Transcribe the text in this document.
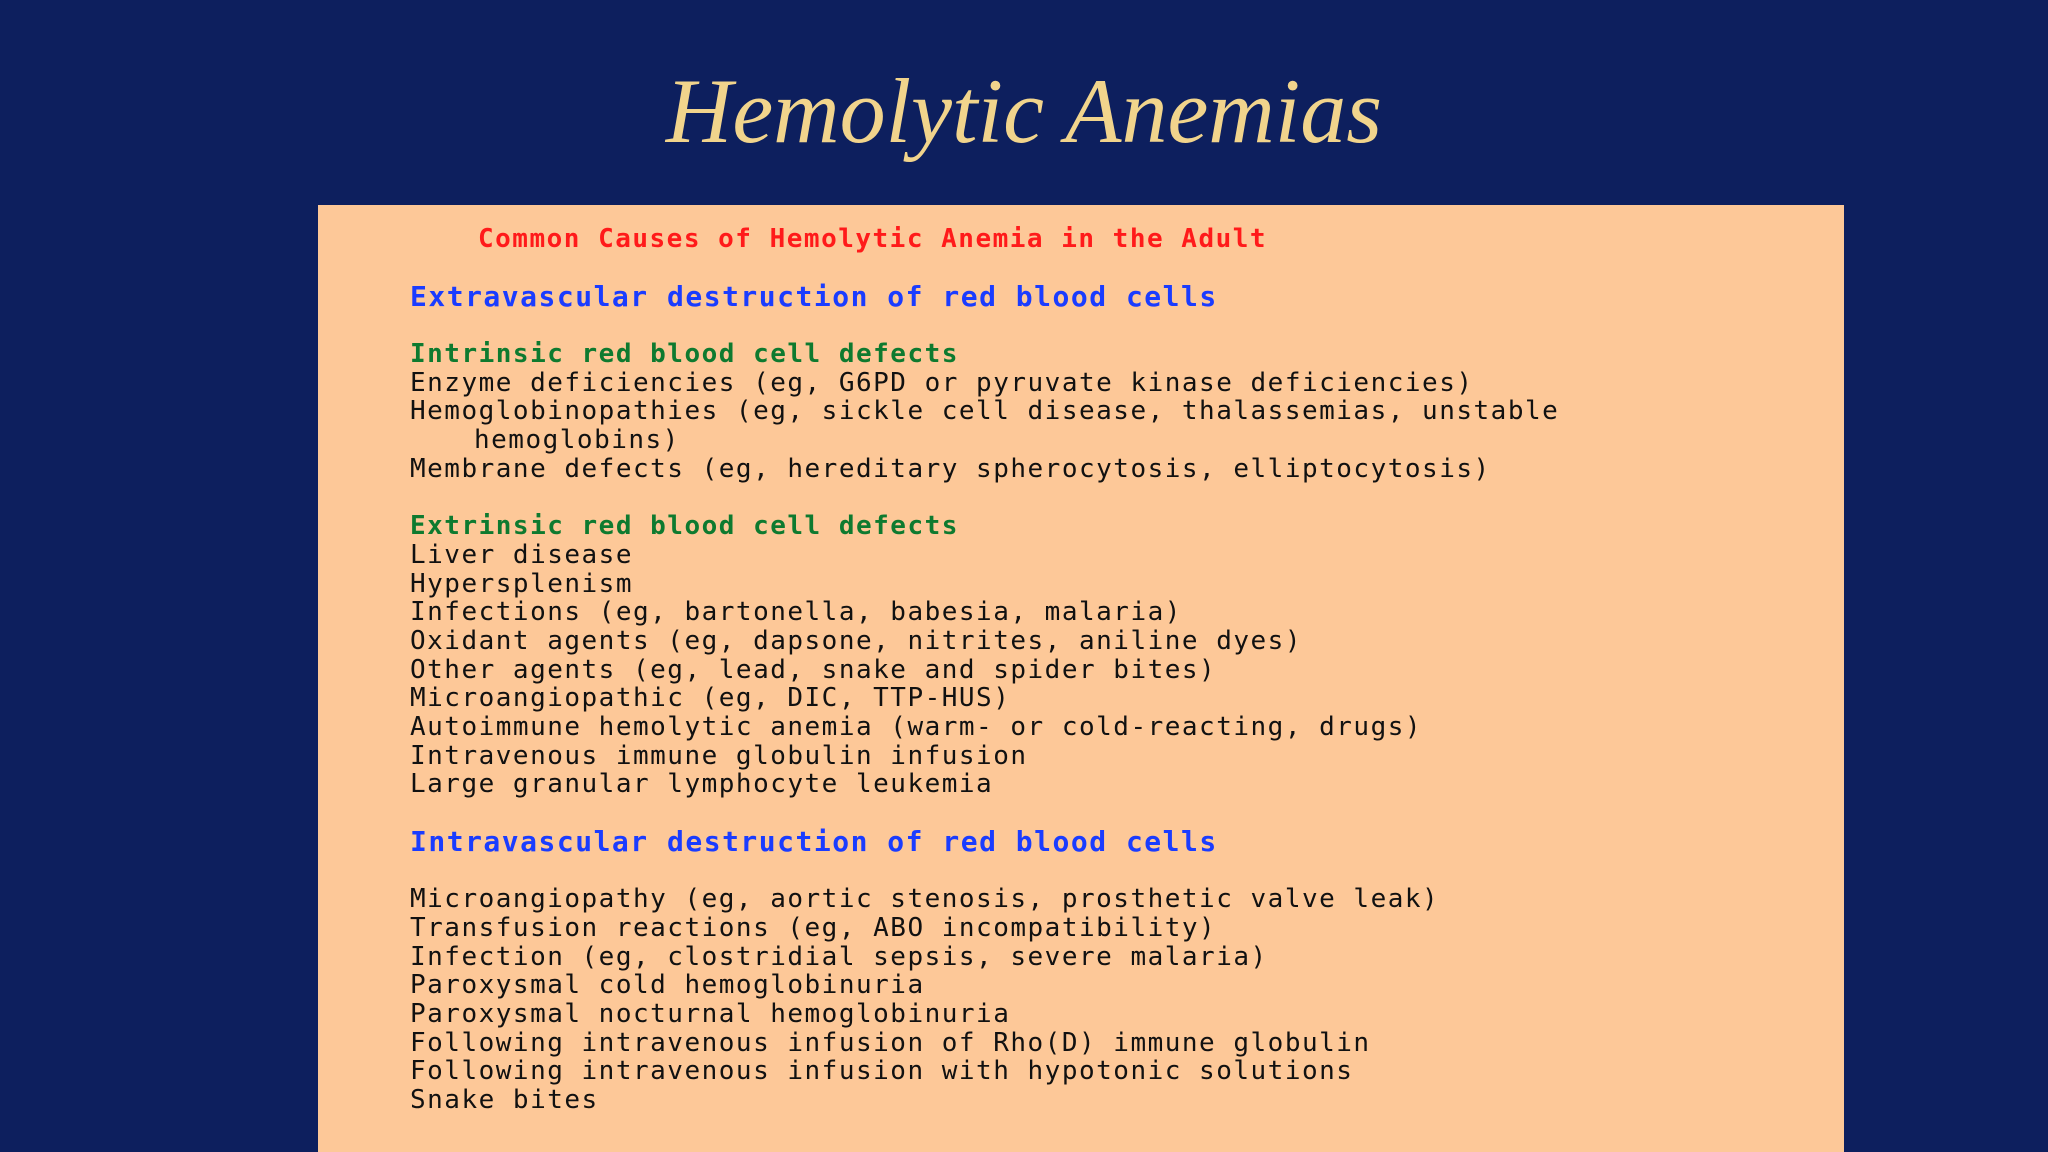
Hemolytic Anemias
Common Causes of Hemolytic Anemia in the Adult
Extravascular destruction of red blood cells
Intrinsic red blood cell defects
Enzyme deficiencies (eg, G6PD or pyruvate kinase deficiencies)
Hemoglobinopathies (eg, sickle cell disease, thalassemias, unstable
hemoglobins)
Membrane defects (eg, hereditary spherocytosis, elliptocytosis)
Extrinsic red blood cell defects
Liver disease
Hypersplenism
Infections (eg, bartonella, babesia, malaria)
Oxidant agents (eg, dapsone, nitrites, aniline dyes)
Other agents (eg, lead, snake and spider bites)
Microangiopathic (eg, DIC, TTP-HUS)
Autoimmune hemolytic anemia (warm- or cold-reacting, drugs)
Intravenous immune globulin infusion
Large granular lymphocyte leukemia
Intravascular destruction of red blood cells
Microangiopathy (eg, aortic stenosis, prosthetic valve leak)
Transfusion reactions (eg, ABO incompatibility)
Infection (eg, clostridial sepsis, severe malaria)
Paroxysmal cold hemoglobinuria
Paroxysmal nocturnal hemoglobinuria
Following intravenous infusion of Rho(D) immune globulin
Following intravenous infusion with hypotonic solutions
Snake bites
